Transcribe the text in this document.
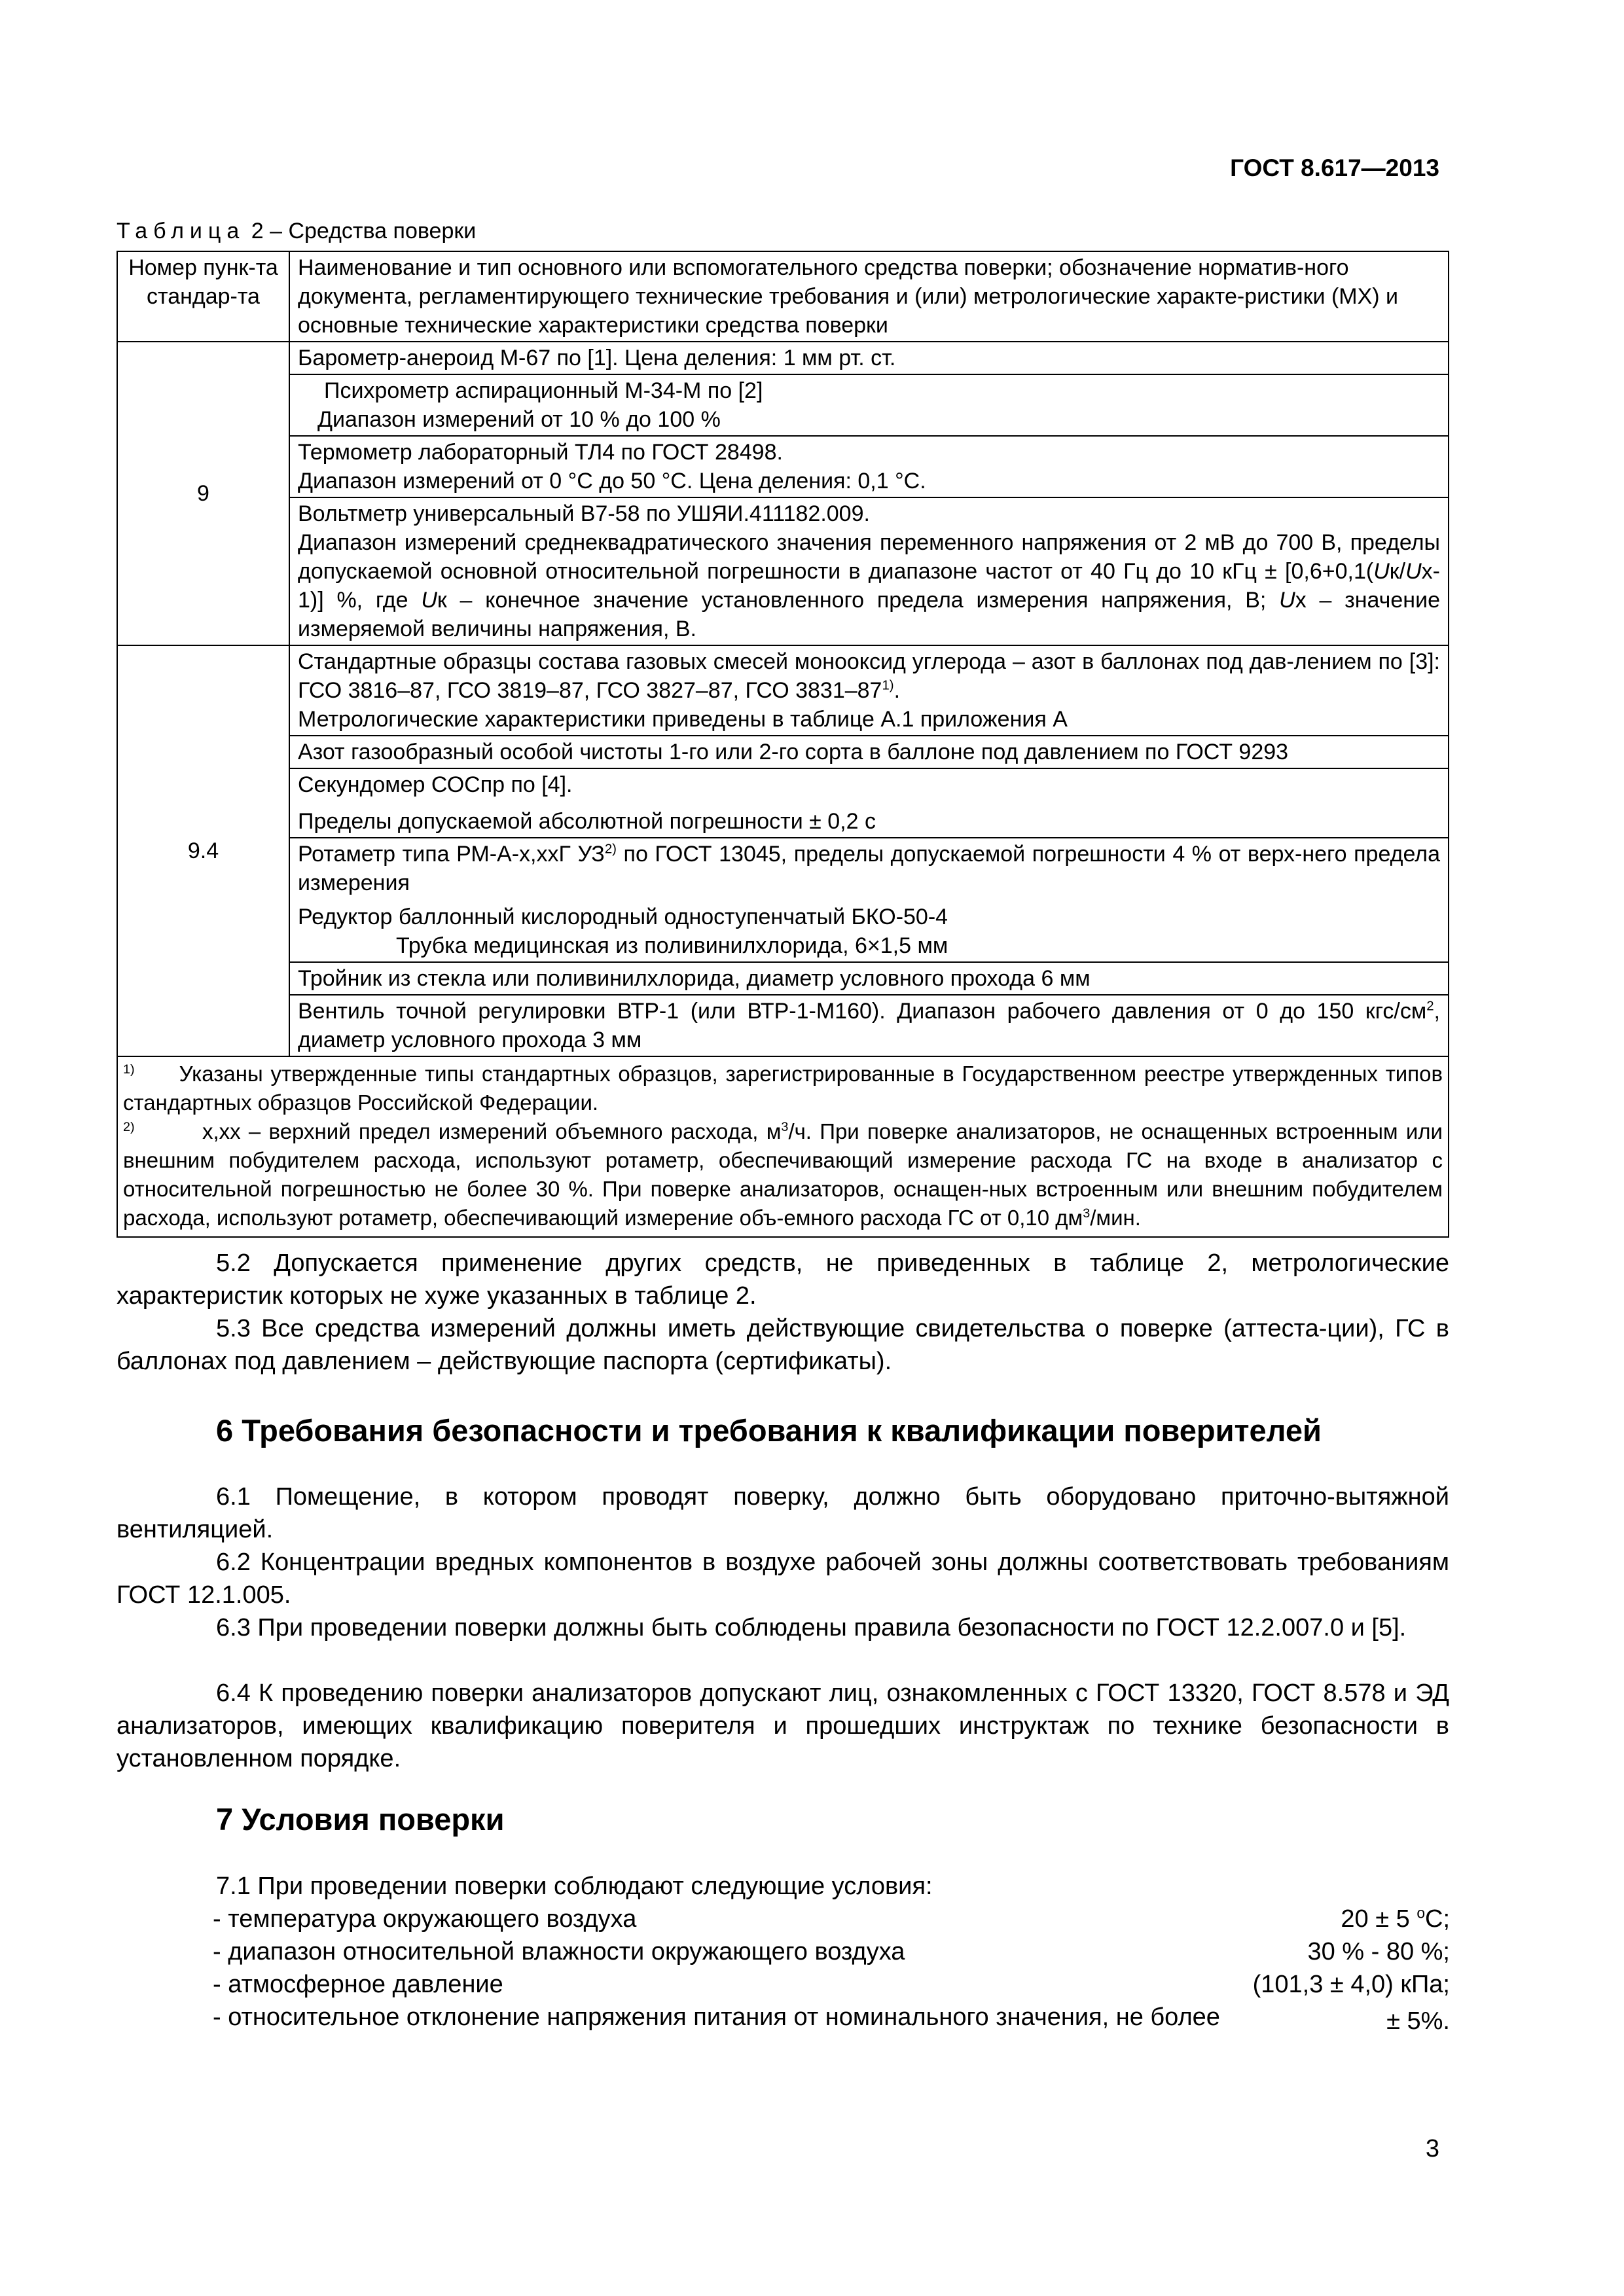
ГОСТ 8.617—2013
Таблица 2 – Средства поверки
Номер пунк-та стандар-та	Наименование и тип основного или вспомогательного средства поверки; обозначение норматив-ного документа, регламентирующего технические требования и (или) метрологические характе-ристики (МХ) и основные технические характеристики средства поверки
9	Барометр-анероид М-67 по [1]. Цена деления: 1 мм рт. ст.

	Психрометр аспирационный М-34-М по [2]
Диапазон измерений от 10 % до 100 %

	Термометр лабораторный ТЛ4 по ГОСТ 28498.
Диапазон измерений от 0 °С до 50 °С. Цена деления: 0,1 °С.

	Вольтметр универсальный В7-58 по УШЯИ.411182.009.
Диапазон измерений среднеквадратического значения переменного напряжения от 2 мВ до 700 В, пределы допускаемой основной относительной погрешности в диапазоне частот от 40 Гц до 10 кГц ± [0,6+0,1(Uк/Ux-1)] %, где Uк – конечное значение установленного предела измерения напряжения, В; Ux – значение измеряемой величины напряжения, В.

9.4	Стандартные образцы состава газовых смесей монооксид углерода – азот в баллонах под дав-лением по [3]: ГСО 3816–87, ГСО 3819–87, ГСО 3827–87, ГСО 3831–87$^{1)}$.
Метрологические характеристики приведены в таблице А.1 приложения А

	Азот газообразный особой чистоты 1-го или 2-го сорта в баллоне под давлением по ГОСТ 9293

	Секундомер СОСпр по [4].
Пределы допускаемой абсолютной погрешности ± 0,2 с

	Ротаметр типа РМ-А-х,ххГ УЗ$^{2)}$ по ГОСТ 13045, пределы допускаемой погрешности 4 % от верх-него предела измерения
Редуктор баллонный кислородный одноступенчатый БКО-50-4
Трубка медицинская из поливинилхлорида, 6×1,5 мм

	Тройник из стекла или поливинилхлорида, диаметр условного прохода 6 мм

	Вентиль точной регулировки ВТР-1 (или ВТР-1-М160). Диапазон рабочего давления от 0 до 150 кгс/$см^2$, диаметр условного прохода 3 мм

$^{1)}$ Указаны утвержденные типы стандартных образцов, зарегистрированные в Государственном реестре утвержденных типов стандартных образцов Российской Федерации.
$^{2)}$ х,хх – верхний предел измерений объемного расхода, $м^3/ч$. При поверке анализаторов, не оснащенных встроенным или внешним побудителем расхода, используют ротаметр, обеспечивающий измерение расхода ГС на входе в анализатор с относительной погрешностью не более 30 %. При поверке анализаторов, оснащен-ных встроенным или внешним побудителем расхода, используют ротаметр, обеспечивающий измерение объ-емного расхода ГС от 0,10 $дм^3$/мин.	
5.2 Допускается применение других средств, не приведенных в таблице 2, метрологические характеристик которых не хуже указанных в таблице 2.
5.3 Все средства измерений должны иметь действующие свидетельства о поверке (аттеста-ции), ГС в баллонах под давлением – действующие паспорта (сертификаты).
6 Требования безопасности и требования к квалификации поверителей
6.1 Помещение, в котором проводят поверку, должно быть оборудовано приточно-вытяжной вентиляцией.
6.2 Концентрации вредных компонентов в воздухе рабочей зоны должны соответствовать требованиям ГОСТ 12.1.005.
6.3 При проведении поверки должны быть соблюдены правила безопасности по ГОСТ 12.2.007.0 и [5].
6.4 К проведению поверки анализаторов допускают лиц, ознакомленных с ГОСТ 13320, ГОСТ 8.578 и ЭД анализаторов, имеющих квалификацию поверителя и прошедших инструктаж по технике безопасности в установленном порядке.
7 Условия поверки
7.1 При проведении поверки соблюдают следующие условия:
- температура окружающего воздуха	20 ± 5 $^о$С;
- диапазон относительной влажности окружающего воздуха	30 % - 80 %;
- атмосферное давление	(101,3 ± 4,0) кПа;
- относительное отклонение напряжения питания от номинального значения, не более	± 5%.
3
